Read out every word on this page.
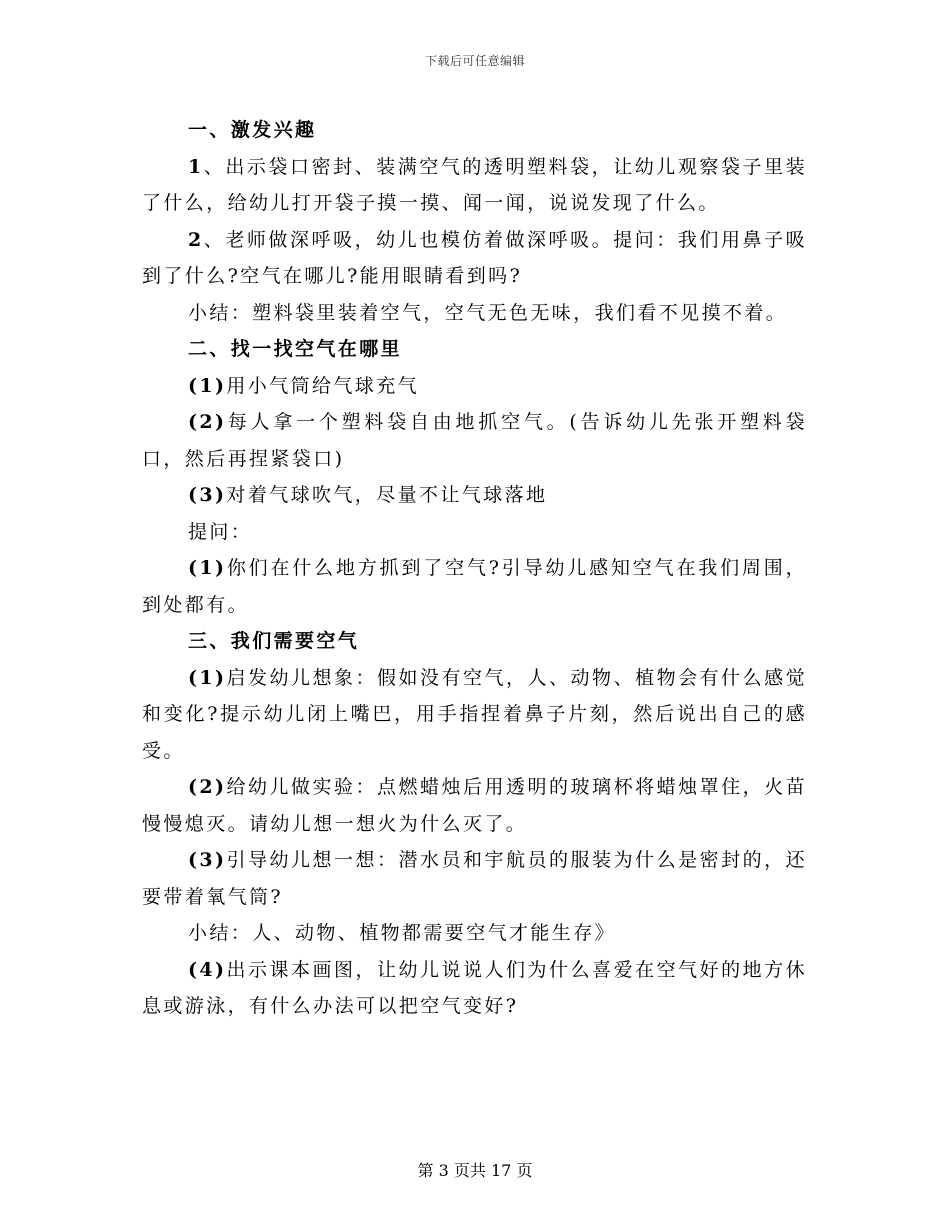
下载后可任意编辑

一、激发兴趣

1、出示袋口密封、装满空气的透明塑料袋，让幼儿观察袋子里装了什么，给幼儿打开袋子摸一摸、闻一闻，说说发现了什么。

2、老师做深呼吸，幼儿也模仿着做深呼吸。提问：我们用鼻子吸到了什么?空气在哪儿?能用眼睛看到吗?

小结：塑料袋里装着空气，空气无色无味，我们看不见摸不着。

二、找一找空气在哪里

(1)用小气筒给气球充气

(2)每人拿一个塑料袋自由地抓空气。(告诉幼儿先张开塑料袋口，然后再捏紧袋口)

(3)对着气球吹气，尽量不让气球落地

提问：

(1)你们在什么地方抓到了空气?引导幼儿感知空气在我们周围，到处都有。

三、我们需要空气

(1)启发幼儿想象：假如没有空气，人、动物、植物会有什么感觉和变化?提示幼儿闭上嘴巴，用手指捏着鼻子片刻，然后说出自己的感受。

(2)给幼儿做实验：点燃蜡烛后用透明的玻璃杯将蜡烛罩住，火苗慢慢熄灭。请幼儿想一想火为什么灭了。

(3)引导幼儿想一想：潜水员和宇航员的服装为什么是密封的，还要带着氧气筒?

小结：人、动物、植物都需要空气才能生存》

(4)出示课本画图，让幼儿说说人们为什么喜爱在空气好的地方休息或游泳，有什么办法可以把空气变好?

第 3 页共 17 页
